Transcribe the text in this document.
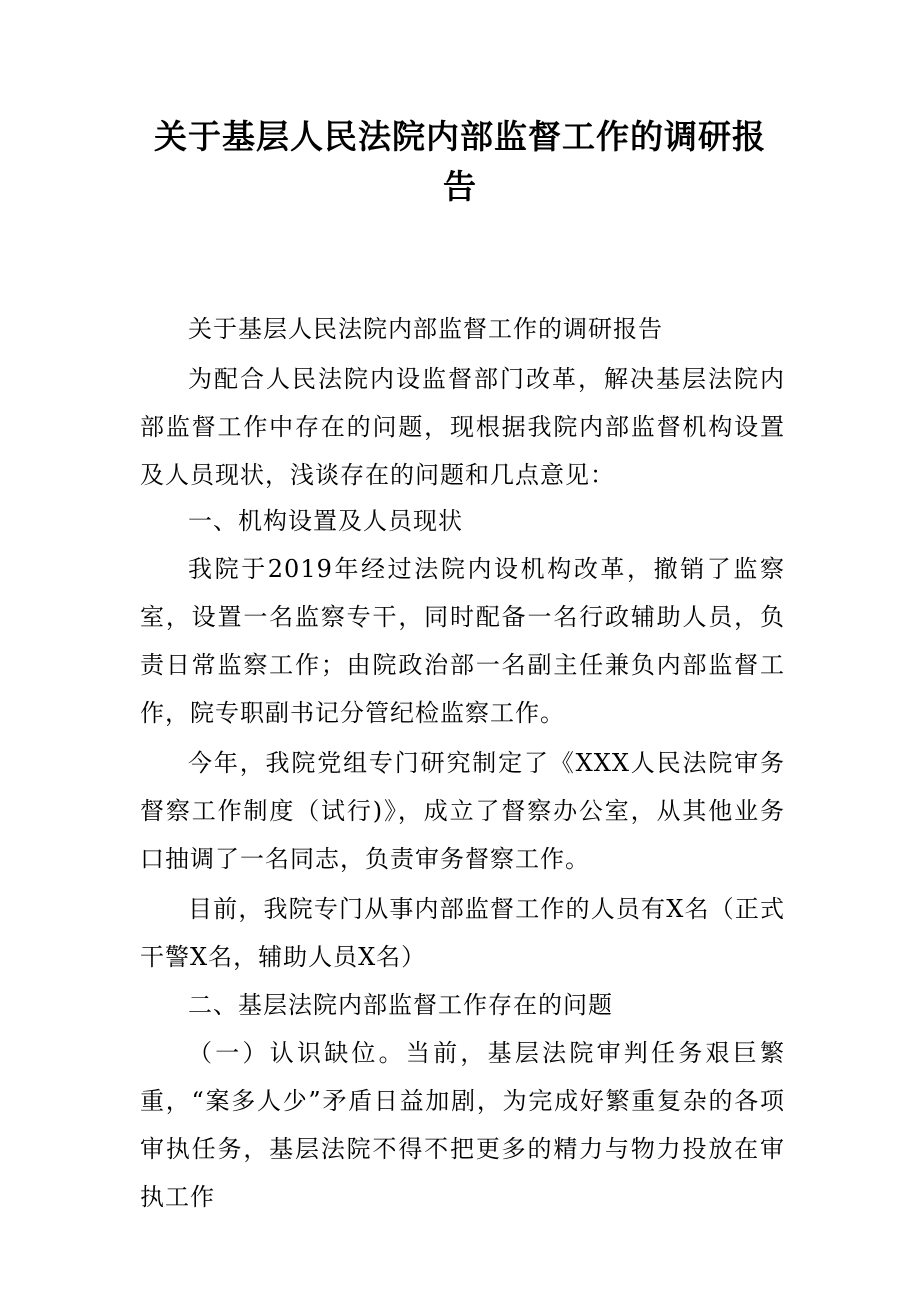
关于基层人民法院内部监督工作的调研报告

关于基层人民法院内部监督工作的调研报告

为配合人民法院内设监督部门改革，解决基层法院内部监督工作中存在的问题，现根据我院内部监督机构设置及人员现状，浅谈存在的问题和几点意见：

一、机构设置及人员现状

我院于2019年经过法院内设机构改革，撤销了监察室，设置一名监察专干，同时配备一名行政辅助人员，负责日常监察工作；由院政治部一名副主任兼负内部监督工作，院专职副书记分管纪检监察工作。

今年，我院党组专门研究制定了《XXX人民法院审务督察工作制度（试行)》，成立了督察办公室，从其他业务口抽调了一名同志，负责审务督察工作。

目前，我院专门从事内部监督工作的人员有X名（正式干警X名，辅助人员X名）

二、基层法院内部监督工作存在的问题

（一）认识缺位。当前，基层法院审判任务艰巨繁重，“案多人少”矛盾日益加剧，为完成好繁重复杂的各项审执任务，基层法院不得不把更多的精力与物力投放在审执工作
